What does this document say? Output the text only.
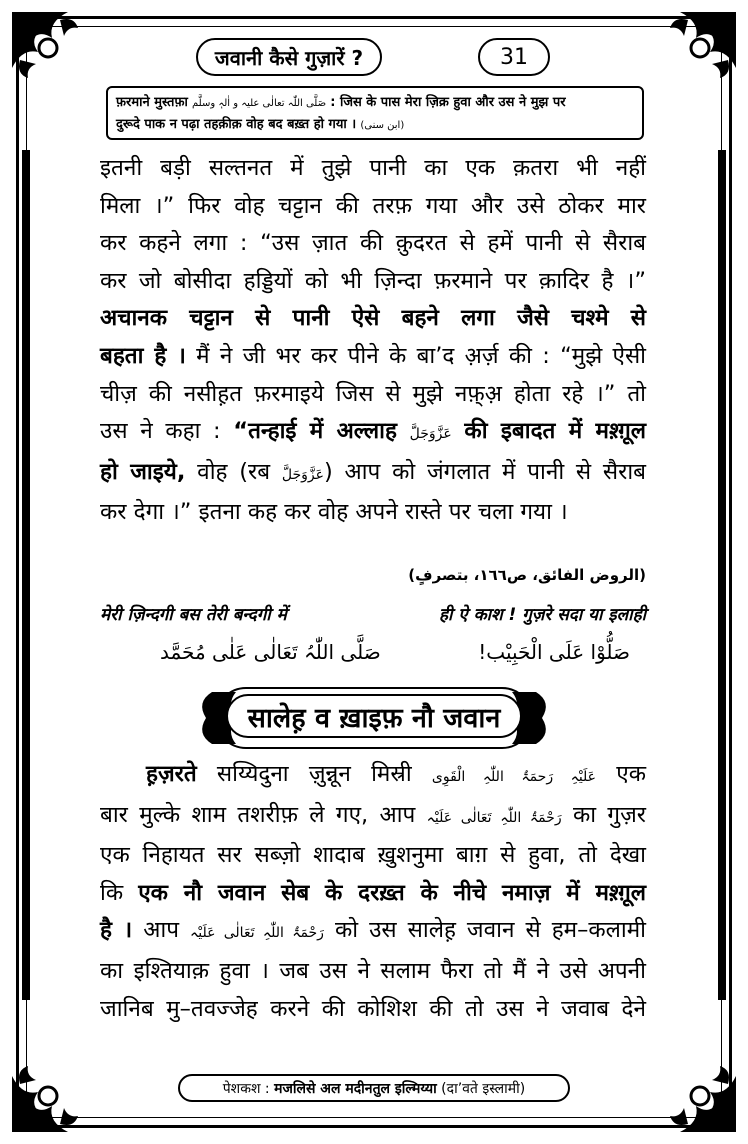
जवानी कैसे गुज़ारें ?	31
फ़रमाने मुस्तफ़ा صَلَّی اللّٰہ تعالٰی علیہ و اٰلہٖ وسلَّم : जिस के पास मेरा ज़िक्र हुवा और उस ने मुझ पर
दुरूदे पाक न पढ़ा तहक़ीक़ वोह बद बख़्त हो गया । (ابن سنی)
इतनी बड़ी सल्तनत में तुझे पानी का एक क़तरा भी नहीं
मिला ।” फिर वोह चट्टान की तरफ़ गया और उसे ठोकर मार
कर कहने लगा : “उस ज़ात की क़ुदरत से हमें पानी से सैराब
कर जो बोसीदा हड्डियों को भी ज़िन्दा फ़रमाने पर क़ादिर है ।”
अचानक चट्टान से पानी ऐसे बहने लगा जैसे चश्मे से
बहता है । मैं ने जी भर कर पीने के बा’द अ़र्ज़ की : “मुझे ऐसी
चीज़ की नसीह़त फ़रमाइये जिस से मुझे नफ़्अ़ होता रहे ।” तो
उस ने कहा : “तन्हाई में अल्लाह عَزَّوَجَلَّ की इबादत में मश़्ग़ूल
हो जाइये, वोह (रब عَزَّوَجَلَّ) आप को जंगलात में पानी से सैराब
कर देगा ।” इतना कह कर वोह अपने रास्ते पर चला गया ।
(الروض الفائق، ص١٦٦، بتصرفٍ)
मेरी ज़िन्दगी बस तेरी बन्दगी में	ही ऐ काश ! गुज़रे सदा या इलाही
صَلُّوْا عَلَی الْحَبِیْب!
صَلَّی اللّٰہُ تَعَالٰی عَلٰی مُحَمَّد
सालेह़ व ख़ाइफ़ नौ जवान
ह़ज़रते सय्यिदुना ज़ुन्नून मिस्री عَلَیْہِ رَحمَۃُ اللّٰہِ الْقَوِی एक
बार मुल्के शाम तशरीफ़ ले गए, आप رَحْمَۃُ اللّٰہِ تَعَالٰی عَلَیْہ का गुज़र
एक निहायत सर सब्ज़ो शादाब ख़ुशनुमा बाग़ से हुवा, तो देखा
कि एक नौ जवान सेब के दरख़्त के नीचे नमाज़ में मश़्ग़ूल
है । आप رَحْمَۃُ اللّٰہِ تَعَالٰی عَلَیْہ को उस सालेह़ जवान से हम–कलामी
का इश्तियाक़ हुवा । जब उस ने सलाम फैरा तो मैं ने उसे अपनी
जानिब मु–तवज्जेह करने की कोशिश की तो उस ने जवाब देने
पेशकश :
मजलिसे अल मदीनतुल इल्मिय्या
(दा’वते इस्लामी)
